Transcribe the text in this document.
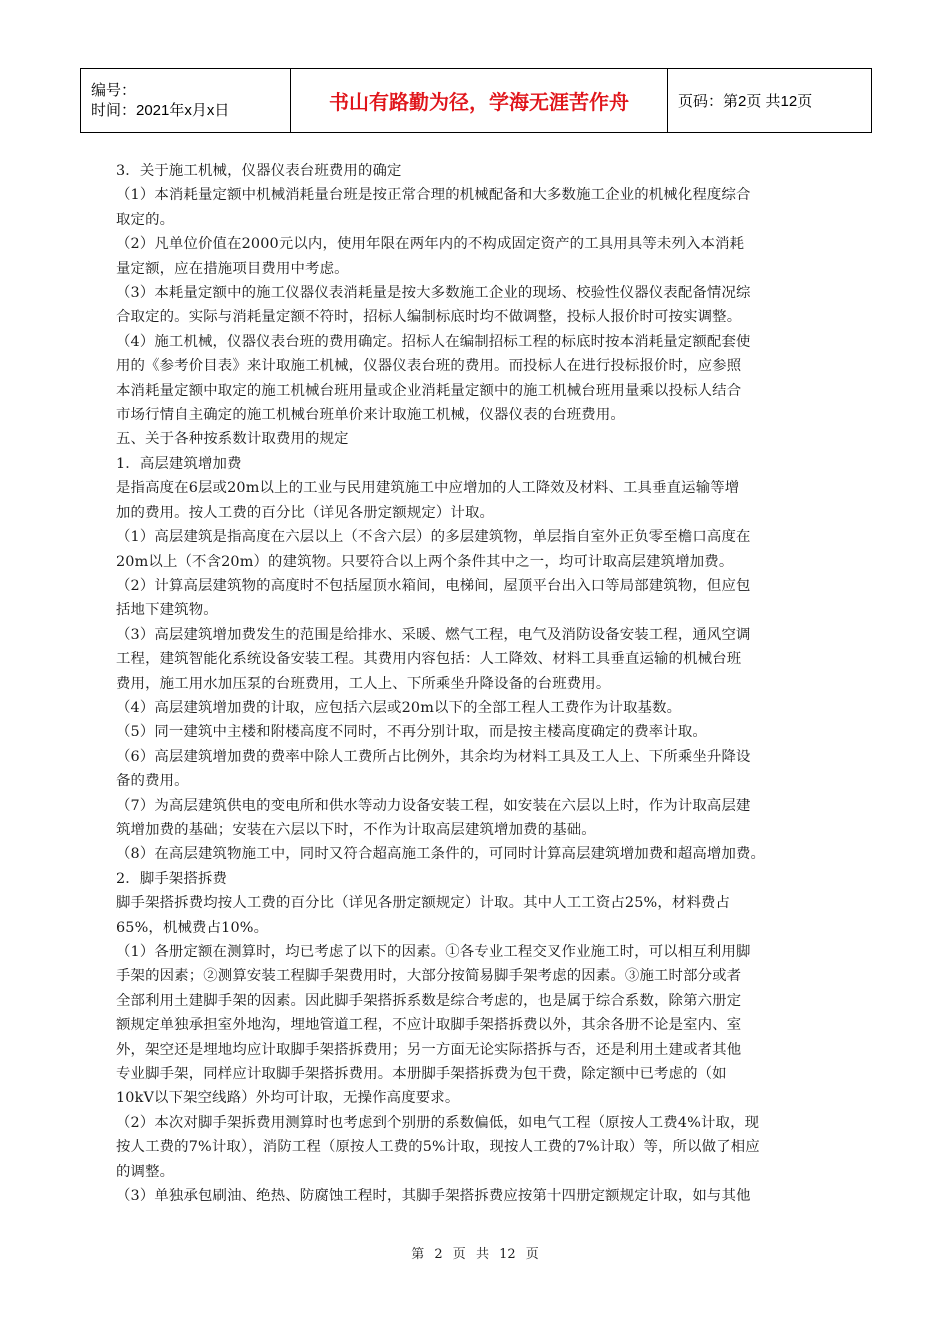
编号：
时间：2021年x月x日	书山有路勤为径，学海无涯苦作舟	页码：第2页 共12页

3．关于施工机械，仪器仪表台班费用的确定

（1）本消耗量定额中机械消耗量台班是按正常合理的机械配备和大多数施工企业的机械化程度综合

取定的。

（2）凡单位价值在2000元以内，使用年限在两年内的不构成固定资产的工具用具等未列入本消耗

量定额，应在措施项目费用中考虑。

（3）本耗量定额中的施工仪器仪表消耗量是按大多数施工企业的现场、校验性仪器仪表配备情况综

合取定的。实际与消耗量定额不符时，招标人编制标底时均不做调整，投标人报价时可按实调整。

（4）施工机械，仪器仪表台班的费用确定。招标人在编制招标工程的标底时按本消耗量定额配套使

用的《参考价目表》来计取施工机械，仪器仪表台班的费用。而投标人在进行投标报价时，应参照

本消耗量定额中取定的施工机械台班用量或企业消耗量定额中的施工机械台班用量乘以投标人结合

市场行情自主确定的施工机械台班单价来计取施工机械，仪器仪表的台班费用。

五、关于各种按系数计取费用的规定

1．高层建筑增加费

是指高度在6层或20m以上的工业与民用建筑施工中应增加的人工降效及材料、工具垂直运输等增

加的费用。按人工费的百分比（详见各册定额规定）计取。

（1）高层建筑是指高度在六层以上（不含六层）的多层建筑物，单层指自室外正负零至檐口高度在

20m以上（不含20m）的建筑物。只要符合以上两个条件其中之一，均可计取高层建筑增加费。

（2）计算高层建筑物的高度时不包括屋顶水箱间，电梯间，屋顶平台出入口等局部建筑物，但应包

括地下建筑物。

（3）高层建筑增加费发生的范围是给排水、采暖、燃气工程，电气及消防设备安装工程，通风空调

工程，建筑智能化系统设备安装工程。其费用内容包括：人工降效、材料工具垂直运输的机械台班

费用，施工用水加压泵的台班费用，工人上、下所乘坐升降设备的台班费用。

（4）高层建筑增加费的计取，应包括六层或20m以下的全部工程人工费作为计取基数。

（5）同一建筑中主楼和附楼高度不同时，不再分别计取，而是按主楼高度确定的费率计取。

（6）高层建筑增加费的费率中除人工费所占比例外，其余均为材料工具及工人上、下所乘坐升降设

备的费用。

（7）为高层建筑供电的变电所和供水等动力设备安装工程，如安装在六层以上时，作为计取高层建

筑增加费的基础；安装在六层以下时，不作为计取高层建筑增加费的基础。

（8）在高层建筑物施工中，同时又符合超高施工条件的，可同时计算高层建筑增加费和超高增加费。

2．脚手架搭拆费

脚手架搭拆费均按人工费的百分比（详见各册定额规定）计取。其中人工工资占25%，材料费占

65%，机械费占10%。

（1）各册定额在测算时，均已考虑了以下的因素。①各专业工程交叉作业施工时，可以相互利用脚

手架的因素；②测算安装工程脚手架费用时，大部分按简易脚手架考虑的因素。③施工时部分或者

全部利用土建脚手架的因素。因此脚手架搭拆系数是综合考虑的，也是属于综合系数，除第六册定

额规定单独承担室外地沟，埋地管道工程，不应计取脚手架搭拆费以外，其余各册不论是室内、室

外，架空还是埋地均应计取脚手架搭拆费用；另一方面无论实际搭拆与否，还是利用土建或者其他

专业脚手架，同样应计取脚手架搭拆费用。本册脚手架搭拆费为包干费，除定额中已考虑的（如

10kV以下架空线路）外均可计取，无操作高度要求。

（2）本次对脚手架拆费用测算时也考虑到个别册的系数偏低，如电气工程（原按人工费4%计取，现

按人工费的7%计取），消防工程（原按人工费的5%计取，现按人工费的7%计取）等，所以做了相应

的调整。

（3）单独承包刷油、绝热、防腐蚀工程时，其脚手架搭拆费应按第十四册定额规定计取，如与其他

第 2 页 共 12 页
